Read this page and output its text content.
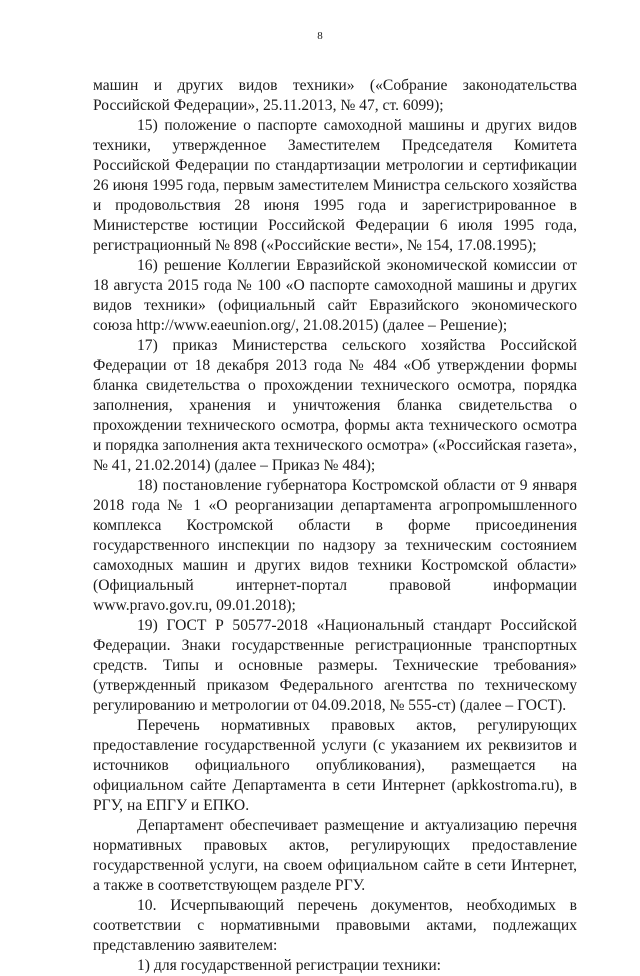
8

машин и других видов техники» («Собрание законодательства Российской Федерации», 25.11.2013, № 47, ст. 6099);

15) положение о паспорте самоходной машины и других видов техники, утвержденное Заместителем Председателя Комитета Российской Федерации по стандартизации метрологии и сертификации 26 июня 1995 года, первым заместителем Министра сельского хозяйства и продовольствия 28 июня 1995 года и зарегистрированное в Министерстве юстиции Российской Федерации 6 июля 1995 года, регистрационный № 898 («Российские вести», № 154, 17.08.1995);

16) решение Коллегии Евразийской экономической комиссии от 18 августа 2015 года № 100 «О паспорте самоходной машины и других видов техники» (официальный сайт Евразийского экономического союза http://www.eaeunion.org/, 21.08.2015) (далее – Решение);

17) приказ Министерства сельского хозяйства Российской Федерации от 18 декабря 2013 года № 484 «Об утверждении формы бланка свидетельства о прохождении технического осмотра, порядка заполнения, хранения и уничтожения бланка свидетельства о прохождении технического осмотра, формы акта технического осмотра и порядка заполнения акта технического осмотра» («Российская газета», № 41, 21.02.2014) (далее – Приказ № 484);

18) постановление губернатора Костромской области от 9 января 2018 года № 1 «О реорганизации департамента агропромышленного комплекса Костромской области в форме присоединения государственного инспекции по надзору за техническим состоянием самоходных машин и других видов техники Костромской области» (Официальный интернет-портал правовой информации www.pravo.gov.ru, 09.01.2018);

19) ГОСТ Р 50577-2018 «Национальный стандарт Российской Федерации. Знаки государственные регистрационные транспортных средств. Типы и основные размеры. Технические требования» (утвержденный приказом Федерального агентства по техническому регулированию и метрологии от 04.09.2018, № 555-ст) (далее – ГОСТ).

Перечень нормативных правовых актов, регулирующих предоставление государственной услуги (с указанием их реквизитов и источников официального опубликования), размещается на официальном сайте Департамента в сети Интернет (apkkostroma.ru), в РГУ, на ЕПГУ и ЕПКО.

Департамент обеспечивает размещение и актуализацию перечня нормативных правовых актов, регулирующих предоставление государственной услуги, на своем официальном сайте в сети Интернет, а также в соответствующем разделе РГУ.

10. Исчерпывающий перечень документов, необходимых в соответствии с нормативными правовыми актами, подлежащих представлению заявителем:

1) для государственной регистрации техники:
